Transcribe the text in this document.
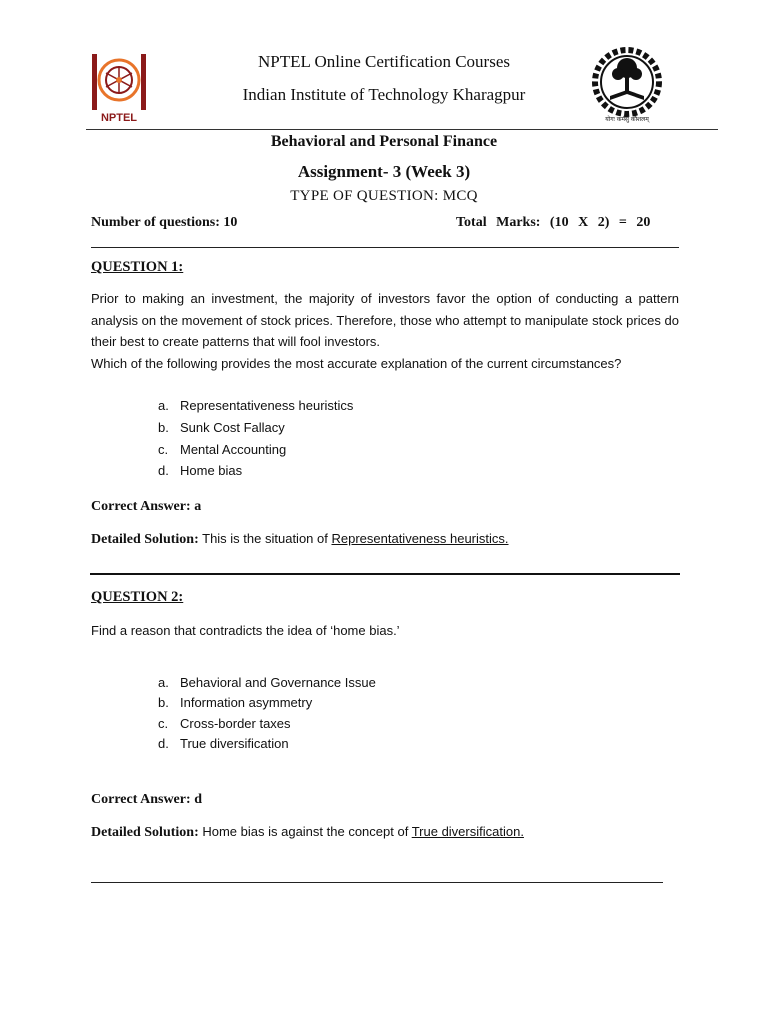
NPTEL	योगः कर्मसु कौशलम्
NPTEL Online Certification Courses
Indian Institute of Technology Kharagpur
Behavioral and Personal Finance
Assignment- 3 (Week 3)
TYPE OF QUESTION: MCQ
Number of questions: 10	Total Marks: (10 X 2) = 20
QUESTION 1:
Prior to making an investment, the majority of investors favor the option of conducting a pattern analysis on the movement of stock prices. Therefore, those who attempt to manipulate stock prices do their best to create patterns that will fool investors.
Which of the following provides the most accurate explanation of the current circumstances?
a. Representativeness heuristics
b. Sunk Cost Fallacy
c. Mental Accounting
d. Home bias
Correct Answer: a
Detailed Solution: This is the situation of Representativeness heuristics.
QUESTION 2:
Find a reason that contradicts the idea of ‘home bias.’
a. Behavioral and Governance Issue
b. Information asymmetry
c. Cross-border taxes
d. True diversification
Correct Answer: d
Detailed Solution: Home bias is against the concept of True diversification.
